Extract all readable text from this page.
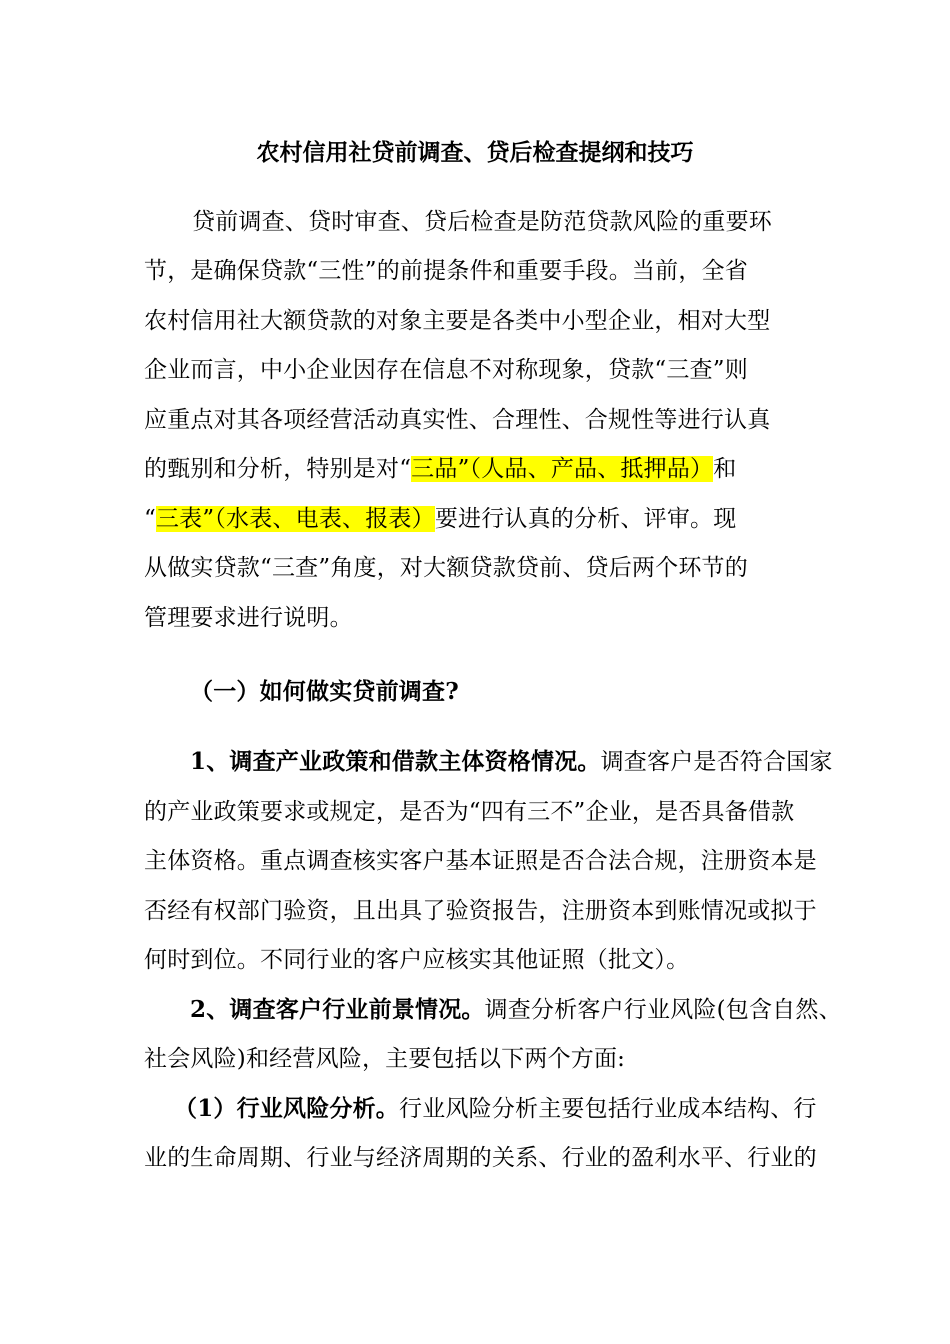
农村信用社贷前调查、贷后检查提纲和技巧
贷前调查、贷时审查、贷后检查是防范贷款风险的重要环
节，是确保贷款“三性”的前提条件和重要手段。当前，全省
农村信用社大额贷款的对象主要是各类中小型企业，相对大型
企业而言，中小企业因存在信息不对称现象，贷款“三查”则
应重点对其各项经营活动真实性、合理性、合规性等进行认真
的甄别和分析，特别是对“三品”（人品、产品、抵押品）和
“三表”（水表、电表、报表）要进行认真的分析、评审。现
从做实贷款“三查”角度，对大额贷款贷前、贷后两个环节的
管理要求进行说明。
（一）如何做实贷前调查?
1、调查产业政策和借款主体资格情况。调查客户是否符合国家
的产业政策要求或规定，是否为“四有三不”企业，是否具备借款
主体资格。重点调查核实客户基本证照是否合法合规，注册资本是
否经有权部门验资，且出具了验资报告，注册资本到账情况或拟于
何时到位。不同行业的客户应核实其他证照（批文）。
2、调查客户行业前景情况。调查分析客户行业风险(包含自然、
社会风险)和经营风险，主要包括以下两个方面:
（1）行业风险分析。行业风险分析主要包括行业成本结构、行
业的生命周期、行业与经济周期的关系、行业的盈利水平、行业的
